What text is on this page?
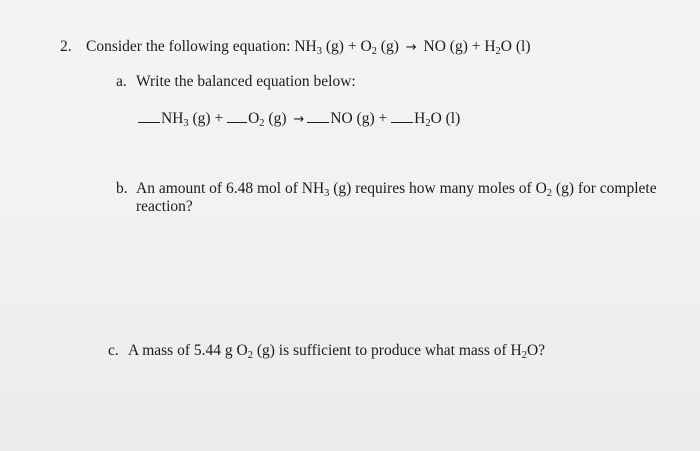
2. Consider the following equation: $NH_3$ $(g) + O_2$ (g) → NO $(g) + H_2O$ (l)
a. Write the balanced equation below:
$NH_3$ $(g) + O_2$ (g) → NO $(g) + H_2O$ (l)
b. An amount of 6.48 mol of $NH_3$ (g) requires how many moles of $O_2$ (g) for complete
reaction?
c. A mass of 5.44 g $O_2$ (g) is sufficient to produce what mass of $H_2O$?
